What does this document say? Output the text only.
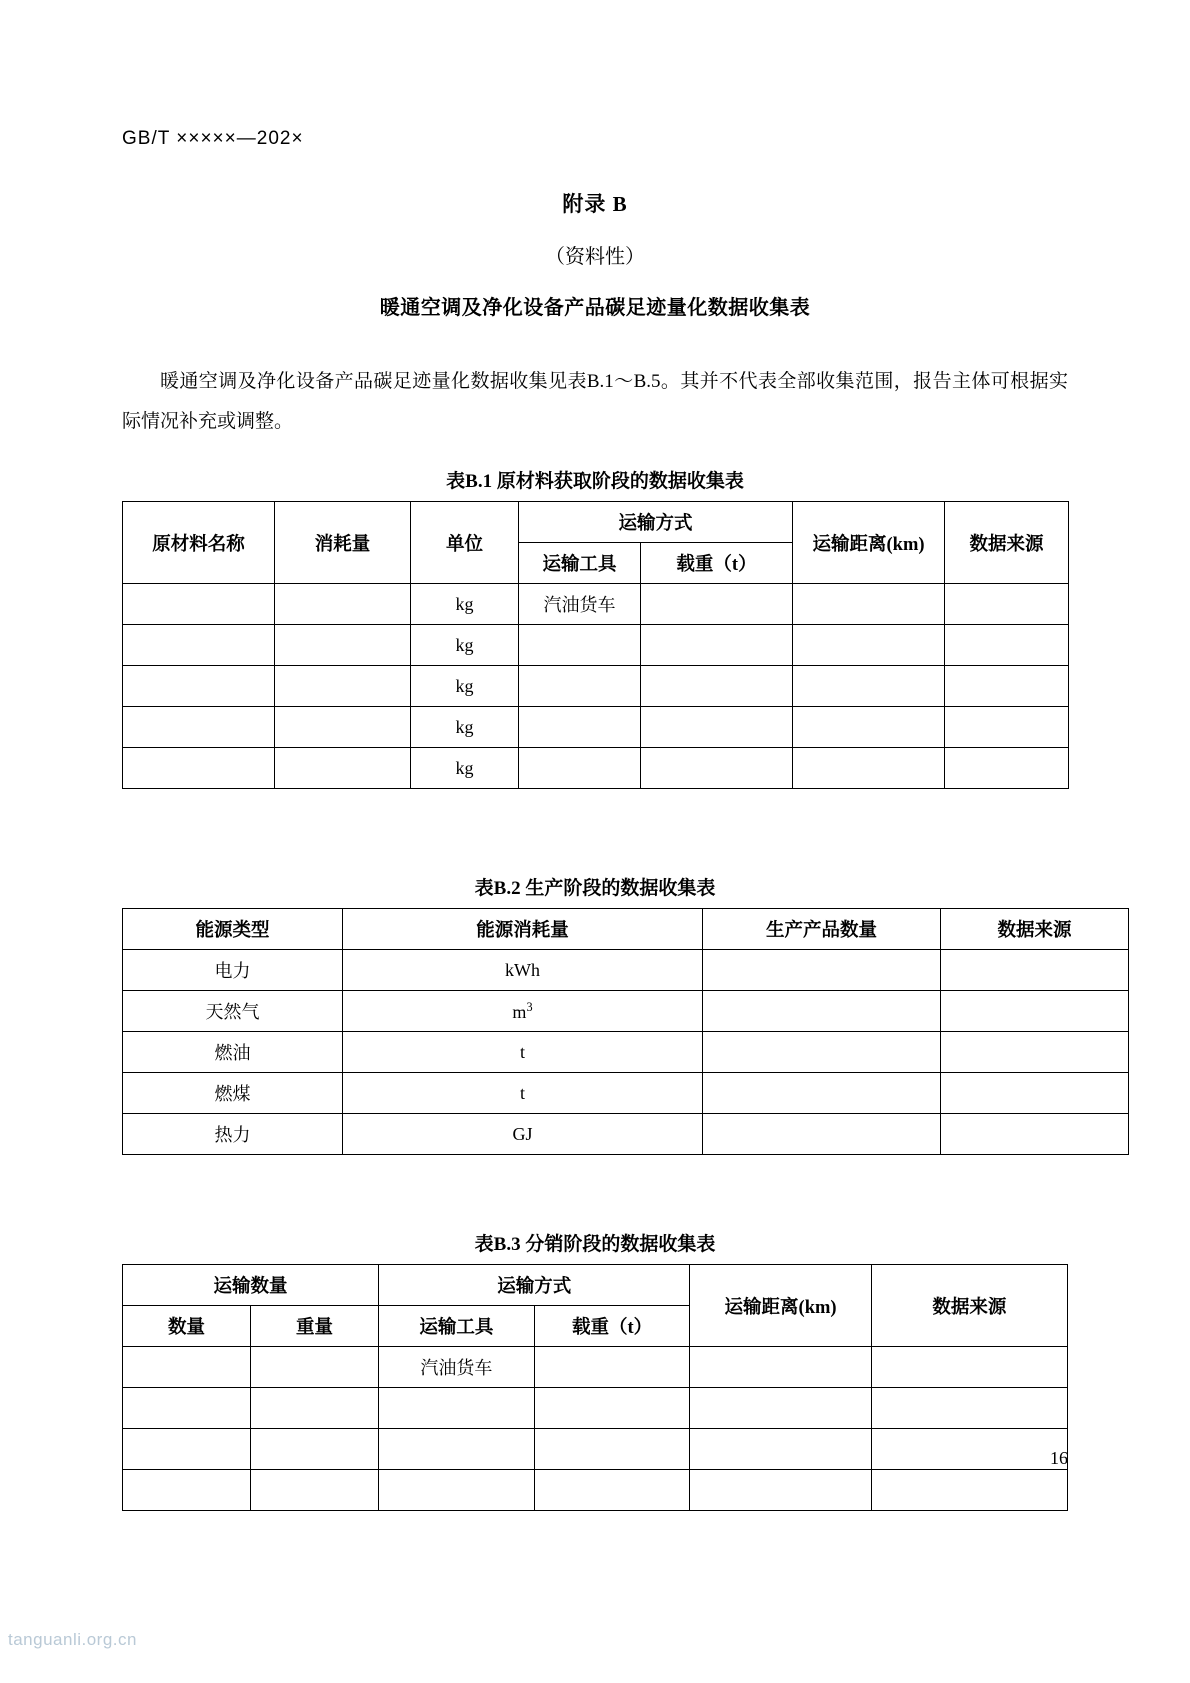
GB/T ×××××—202×
附录 B
（资料性）
暖通空调及净化设备产品碳足迹量化数据收集表
暖通空调及净化设备产品碳足迹量化数据收集见表B.1～B.5。其并不代表全部收集范围，报告主体可根据实际情况补充或调整。
表B.1 原材料获取阶段的数据收集表
原材料名称	消耗量	单位	运输方式		运输距离(km)	数据来源
			运输工具	载重（t）		
		kg	汽油货车			
		kg				
		kg				
		kg				
		kg				
表B.2 生产阶段的数据收集表
能源类型	能源消耗量	生产产品数量	数据来源
电力	kWh		
天然气	$m^3$		
燃油	t		
燃煤	t		
热力	GJ		
表B.3 分销阶段的数据收集表
运输数量		运输方式		运输距离(km)	数据来源
数量	重量	运输工具	载重（t）		
		汽油货车			

16
tanguanli.org.cn
